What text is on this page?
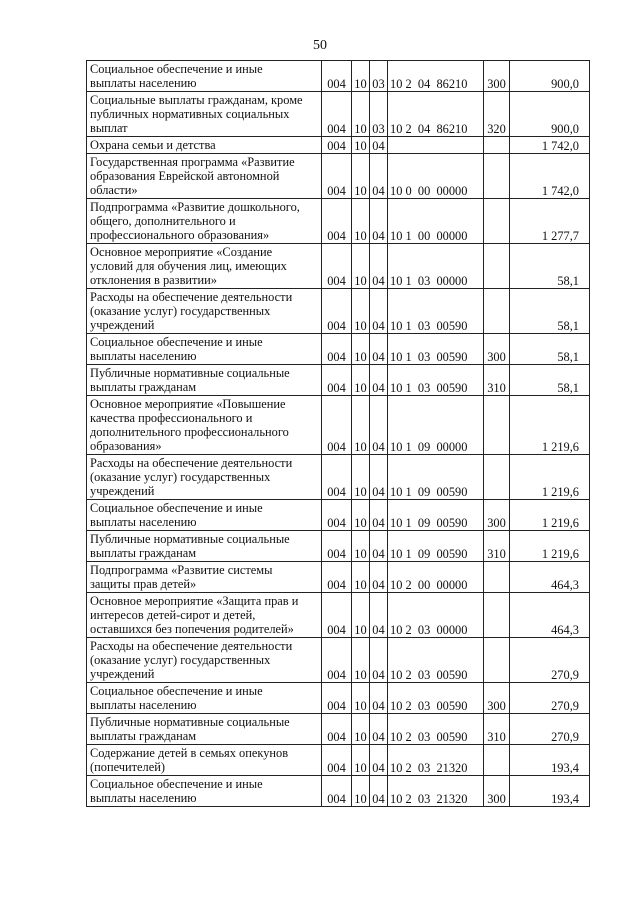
50
Социальное обеспечение и иные
выплаты населению	004	10	03	10 2  04  86210	300	900,0

Социальные выплаты гражданам, кроме
публичных нормативных социальных
выплат	004	10	03	10 2  04  86210	320	900,0

Охрана семьи и детства	004	10	04			1 742,0

Государственная программа «Развитие
образования Еврейской автономной
области»	004	10	04	10 0  00  00000		1 742,0

Подпрограмма «Развитие дошкольного,
общего, дополнительного и
профессионального образования»	004	10	04	10 1  00  00000		1 277,7

Основное мероприятие «Создание
условий для обучения лиц, имеющих
отклонения в развитии»	004	10	04	10 1  03  00000		58,1

Расходы на обеспечение деятельности
(оказание услуг) государственных
учреждений	004	10	04	10 1  03  00590		58,1

Социальное обеспечение и иные
выплаты населению	004	10	04	10 1  03  00590	300	58,1

Публичные нормативные социальные
выплаты гражданам	004	10	04	10 1  03  00590	310	58,1

Основное мероприятие «Повышение
качества профессионального и
дополнительного профессионального
образования»	004	10	04	10 1  09  00000		1 219,6

Расходы на обеспечение деятельности
(оказание услуг) государственных
учреждений	004	10	04	10 1  09  00590		1 219,6

Социальное обеспечение и иные
выплаты населению	004	10	04	10 1  09  00590	300	1 219,6

Публичные нормативные социальные
выплаты гражданам	004	10	04	10 1  09  00590	310	1 219,6

Подпрограмма «Развитие системы
защиты прав детей»	004	10	04	10 2  00  00000		464,3

Основное мероприятие «Защита прав и
интересов детей-сирот и детей,
оставшихся без попечения родителей»	004	10	04	10 2  03  00000		464,3

Расходы на обеспечение деятельности
(оказание услуг) государственных
учреждений	004	10	04	10 2  03  00590		270,9

Социальное обеспечение и иные
выплаты населению	004	10	04	10 2  03  00590	300	270,9

Публичные нормативные социальные
выплаты гражданам	004	10	04	10 2  03  00590	310	270,9

Содержание детей в семьях опекунов
(попечителей)	004	10	04	10 2  03  21320		193,4

Социальное обеспечение и иные
выплаты населению	004	10	04	10 2  03  21320	300	193,4
